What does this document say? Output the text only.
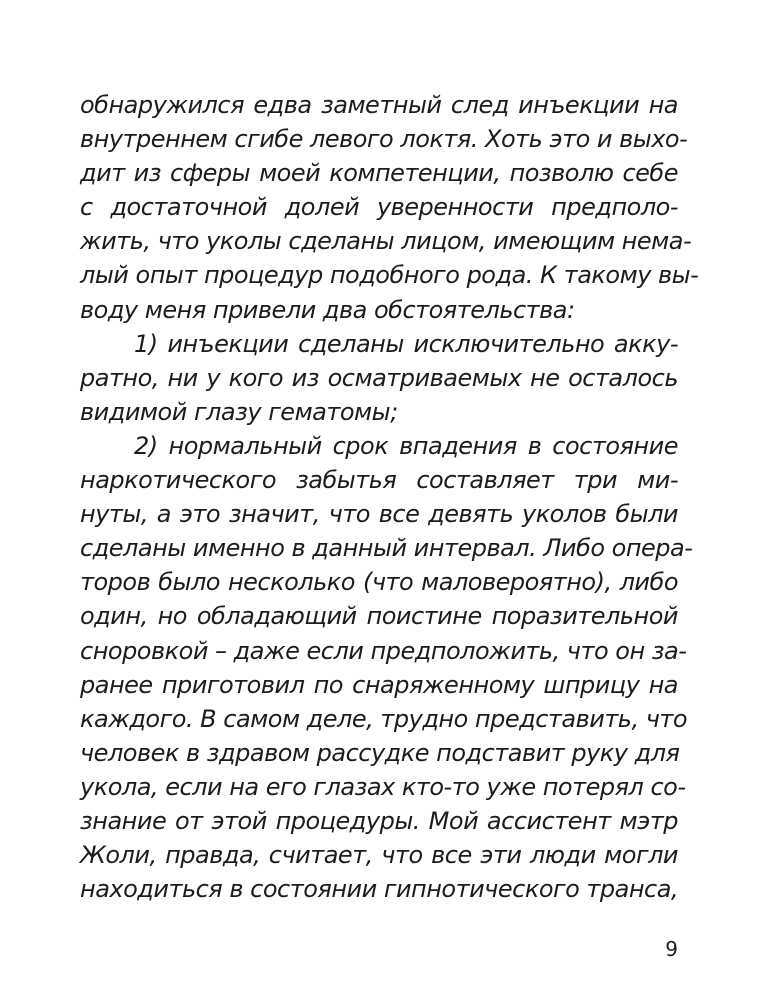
обнаружился едва заметный след инъекции на
внутреннем сгибе левого локтя. Хоть это и выхо-
дит из сферы моей компетенции, позволю себе
с достаточной долей уверенности предполо-
жить, что уколы сделаны лицом, имеющим нема-
лый опыт процедур подобного рода. К такому вы-
воду меня привели два обстоятельства:
1) инъекции сделаны исключительно акку-
ратно, ни у кого из осматриваемых не осталось
видимой глазу гематомы;
2) нормальный срок впадения в состояние
наркотического забытья составляет три ми-
нуты, а это значит, что все девять уколов были
сделаны именно в данный интервал. Либо опера-
торов было несколько (что маловероятно), либо
один, но обладающий поистине поразительной
сноровкой – даже если предположить, что он за-
ранее приготовил по снаряженному шприцу на
каждого. В самом деле, трудно представить, что
человек в здравом рассудке подставит руку для
укола, если на его глазах кто-то уже потерял со-
знание от этой процедуры. Мой ассистент мэтр
Жоли, правда, считает, что все эти люди могли
находиться в состоянии гипнотического транса,
9
